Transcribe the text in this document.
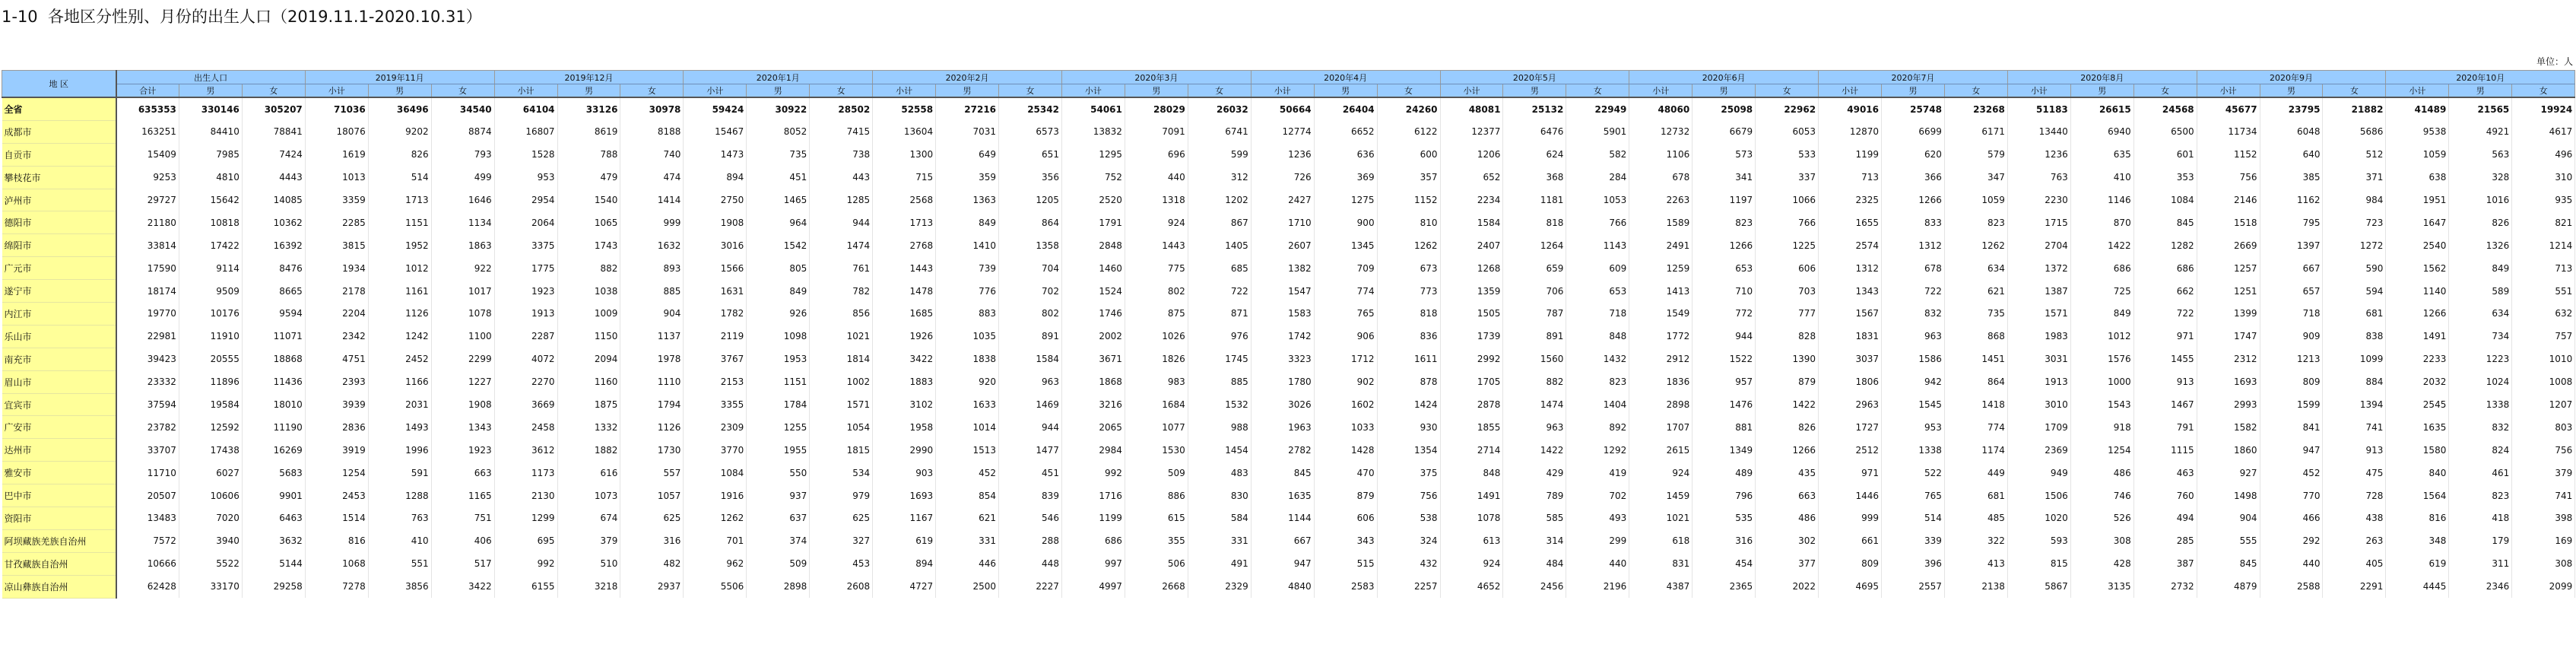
1-10  各地区分性别、月份的出生人口（2019.11.1-2020.10.31）
单位：人
地 区	出生人口			2019年11月			2019年12月			2020年1月			2020年2月			2020年3月			2020年4月			2020年5月			2020年6月			2020年7月			2020年8月			2020年9月			2020年10月		
	合计	男	女	小计	男	女	小计	男	女	小计	男	女	小计	男	女	小计	男	女	小计	男	女	小计	男	女	小计	男	女	小计	男	女	小计	男	女	小计	男	女	小计	男	女
全省	635353	330146	305207	71036	36496	34540	64104	33126	30978	59424	30922	28502	52558	27216	25342	54061	28029	26032	50664	26404	24260	48081	25132	22949	48060	25098	22962	49016	25748	23268	51183	26615	24568	45677	23795	21882	41489	21565	19924
成都市	163251	84410	78841	18076	9202	8874	16807	8619	8188	15467	8052	7415	13604	7031	6573	13832	7091	6741	12774	6652	6122	12377	6476	5901	12732	6679	6053	12870	6699	6171	13440	6940	6500	11734	6048	5686	9538	4921	4617
自贡市	15409	7985	7424	1619	826	793	1528	788	740	1473	735	738	1300	649	651	1295	696	599	1236	636	600	1206	624	582	1106	573	533	1199	620	579	1236	635	601	1152	640	512	1059	563	496
攀枝花市	9253	4810	4443	1013	514	499	953	479	474	894	451	443	715	359	356	752	440	312	726	369	357	652	368	284	678	341	337	713	366	347	763	410	353	756	385	371	638	328	310
泸州市	29727	15642	14085	3359	1713	1646	2954	1540	1414	2750	1465	1285	2568	1363	1205	2520	1318	1202	2427	1275	1152	2234	1181	1053	2263	1197	1066	2325	1266	1059	2230	1146	1084	2146	1162	984	1951	1016	935
德阳市	21180	10818	10362	2285	1151	1134	2064	1065	999	1908	964	944	1713	849	864	1791	924	867	1710	900	810	1584	818	766	1589	823	766	1655	833	823	1715	870	845	1518	795	723	1647	826	821
绵阳市	33814	17422	16392	3815	1952	1863	3375	1743	1632	3016	1542	1474	2768	1410	1358	2848	1443	1405	2607	1345	1262	2407	1264	1143	2491	1266	1225	2574	1312	1262	2704	1422	1282	2669	1397	1272	2540	1326	1214
广元市	17590	9114	8476	1934	1012	922	1775	882	893	1566	805	761	1443	739	704	1460	775	685	1382	709	673	1268	659	609	1259	653	606	1312	678	634	1372	686	686	1257	667	590	1562	849	713
遂宁市	18174	9509	8665	2178	1161	1017	1923	1038	885	1631	849	782	1478	776	702	1524	802	722	1547	774	773	1359	706	653	1413	710	703	1343	722	621	1387	725	662	1251	657	594	1140	589	551
内江市	19770	10176	9594	2204	1126	1078	1913	1009	904	1782	926	856	1685	883	802	1746	875	871	1583	765	818	1505	787	718	1549	772	777	1567	832	735	1571	849	722	1399	718	681	1266	634	632
乐山市	22981	11910	11071	2342	1242	1100	2287	1150	1137	2119	1098	1021	1926	1035	891	2002	1026	976	1742	906	836	1739	891	848	1772	944	828	1831	963	868	1983	1012	971	1747	909	838	1491	734	757
南充市	39423	20555	18868	4751	2452	2299	4072	2094	1978	3767	1953	1814	3422	1838	1584	3671	1826	1745	3323	1712	1611	2992	1560	1432	2912	1522	1390	3037	1586	1451	3031	1576	1455	2312	1213	1099	2233	1223	1010
眉山市	23332	11896	11436	2393	1166	1227	2270	1160	1110	2153	1151	1002	1883	920	963	1868	983	885	1780	902	878	1705	882	823	1836	957	879	1806	942	864	1913	1000	913	1693	809	884	2032	1024	1008
宜宾市	37594	19584	18010	3939	2031	1908	3669	1875	1794	3355	1784	1571	3102	1633	1469	3216	1684	1532	3026	1602	1424	2878	1474	1404	2898	1476	1422	2963	1545	1418	3010	1543	1467	2993	1599	1394	2545	1338	1207
广安市	23782	12592	11190	2836	1493	1343	2458	1332	1126	2309	1255	1054	1958	1014	944	2065	1077	988	1963	1033	930	1855	963	892	1707	881	826	1727	953	774	1709	918	791	1582	841	741	1635	832	803
达州市	33707	17438	16269	3919	1996	1923	3612	1882	1730	3770	1955	1815	2990	1513	1477	2984	1530	1454	2782	1428	1354	2714	1422	1292	2615	1349	1266	2512	1338	1174	2369	1254	1115	1860	947	913	1580	824	756
雅安市	11710	6027	5683	1254	591	663	1173	616	557	1084	550	534	903	452	451	992	509	483	845	470	375	848	429	419	924	489	435	971	522	449	949	486	463	927	452	475	840	461	379
巴中市	20507	10606	9901	2453	1288	1165	2130	1073	1057	1916	937	979	1693	854	839	1716	886	830	1635	879	756	1491	789	702	1459	796	663	1446	765	681	1506	746	760	1498	770	728	1564	823	741
资阳市	13483	7020	6463	1514	763	751	1299	674	625	1262	637	625	1167	621	546	1199	615	584	1144	606	538	1078	585	493	1021	535	486	999	514	485	1020	526	494	904	466	438	816	418	398
阿坝藏族羌族自治州	7572	3940	3632	816	410	406	695	379	316	701	374	327	619	331	288	686	355	331	667	343	324	613	314	299	618	316	302	661	339	322	593	308	285	555	292	263	348	179	169
甘孜藏族自治州	10666	5522	5144	1068	551	517	992	510	482	962	509	453	894	446	448	997	506	491	947	515	432	924	484	440	831	454	377	809	396	413	815	428	387	845	440	405	619	311	308
凉山彝族自治州	62428	33170	29258	7278	3856	3422	6155	3218	2937	5506	2898	2608	4727	2500	2227	4997	2668	2329	4840	2583	2257	4652	2456	2196	4387	2365	2022	4695	2557	2138	5867	3135	2732	4879	2588	2291	4445	2346	2099
